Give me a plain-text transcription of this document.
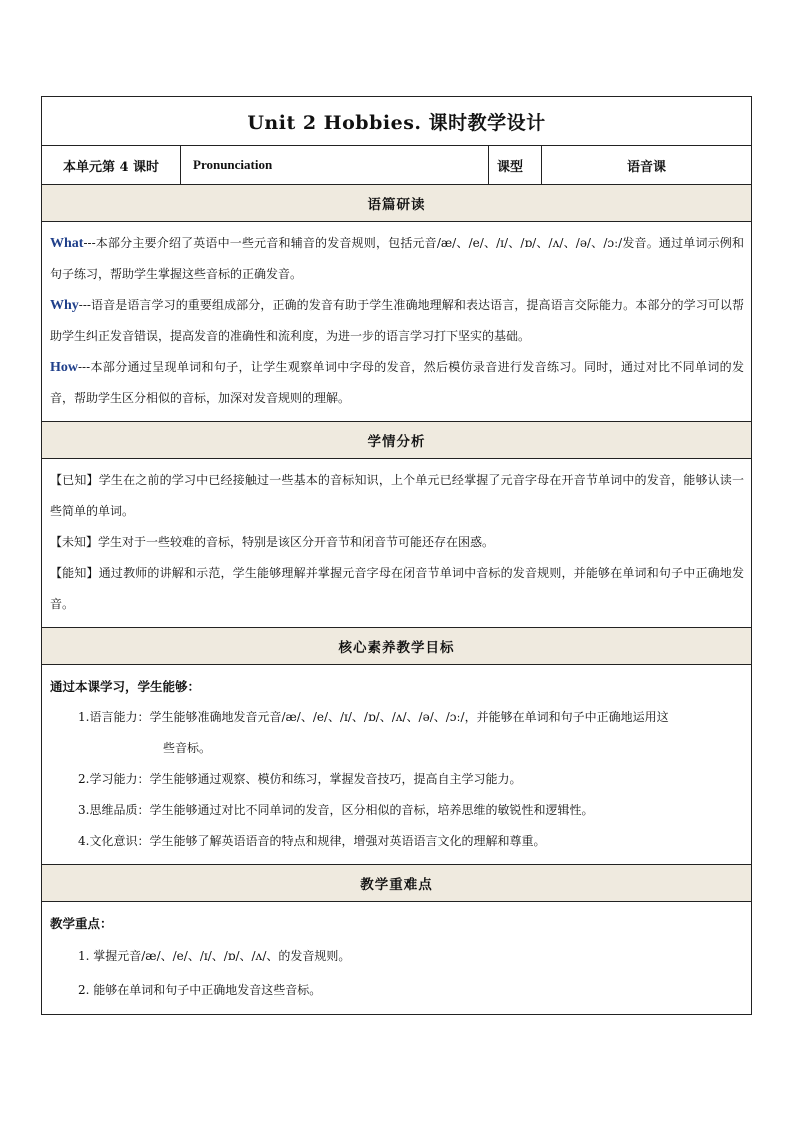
Unit 2 Hobbies. 课时教学设计
本单元第 4 课时	Pronunciation	课型	语音课
语篇研读

What---本部分主要介绍了英语中一些元音和辅音的发音规则，包括元音/æ/、/e/、/ɪ/、/ɒ/、/ʌ/、/ə/、/ɔː/发音。通过单词示例和句子练习，帮助学生掌握这些音标的正确发音。

Why---语音是语言学习的重要组成部分，正确的发音有助于学生准确地理解和表达语言，提高语言交际能力。本部分的学习可以帮助学生纠正发音错误，提高发音的准确性和流利度，为进一步的语言学习打下坚实的基础。

How---本部分通过呈现单词和句子，让学生观察单词中字母的发音，然后模仿录音进行发音练习。同时，通过对比不同单词的发音，帮助学生区分相似的音标，加深对发音规则的理解。

学情分析

【已知】学生在之前的学习中已经接触过一些基本的音标知识，上个单元已经掌握了元音字母在开音节单词中的发音，能够认读一些简单的单词。

【未知】学生对于一些较难的音标，特别是该区分开音节和闭音节可能还存在困惑。

【能知】通过教师的讲解和示范，学生能够理解并掌握元音字母在闭音节单词中音标的发音规则，并能够在单词和句子中正确地发音。

核心素养教学目标

通过本课学习，学生能够：

1.语言能力：学生能够准确地发音元音/æ/、/e/、/ɪ/、/ɒ/、/ʌ/、/ə/、/ɔː/，并能够在单词和句子中正确地运用这

些音标。

2.学习能力：学生能够通过观察、模仿和练习，掌握发音技巧，提高自主学习能力。

3.思维品质：学生能够通过对比不同单词的发音，区分相似的音标，培养思维的敏锐性和逻辑性。

4.文化意识：学生能够了解英语语音的特点和规律，增强对英语语言文化的理解和尊重。

教学重难点

教学重点：

1. 掌握元音/æ/、/e/、/ɪ/、/ɒ/、/ʌ/、的发音规则。

2. 能够在单词和句子中正确地发音这些音标。
